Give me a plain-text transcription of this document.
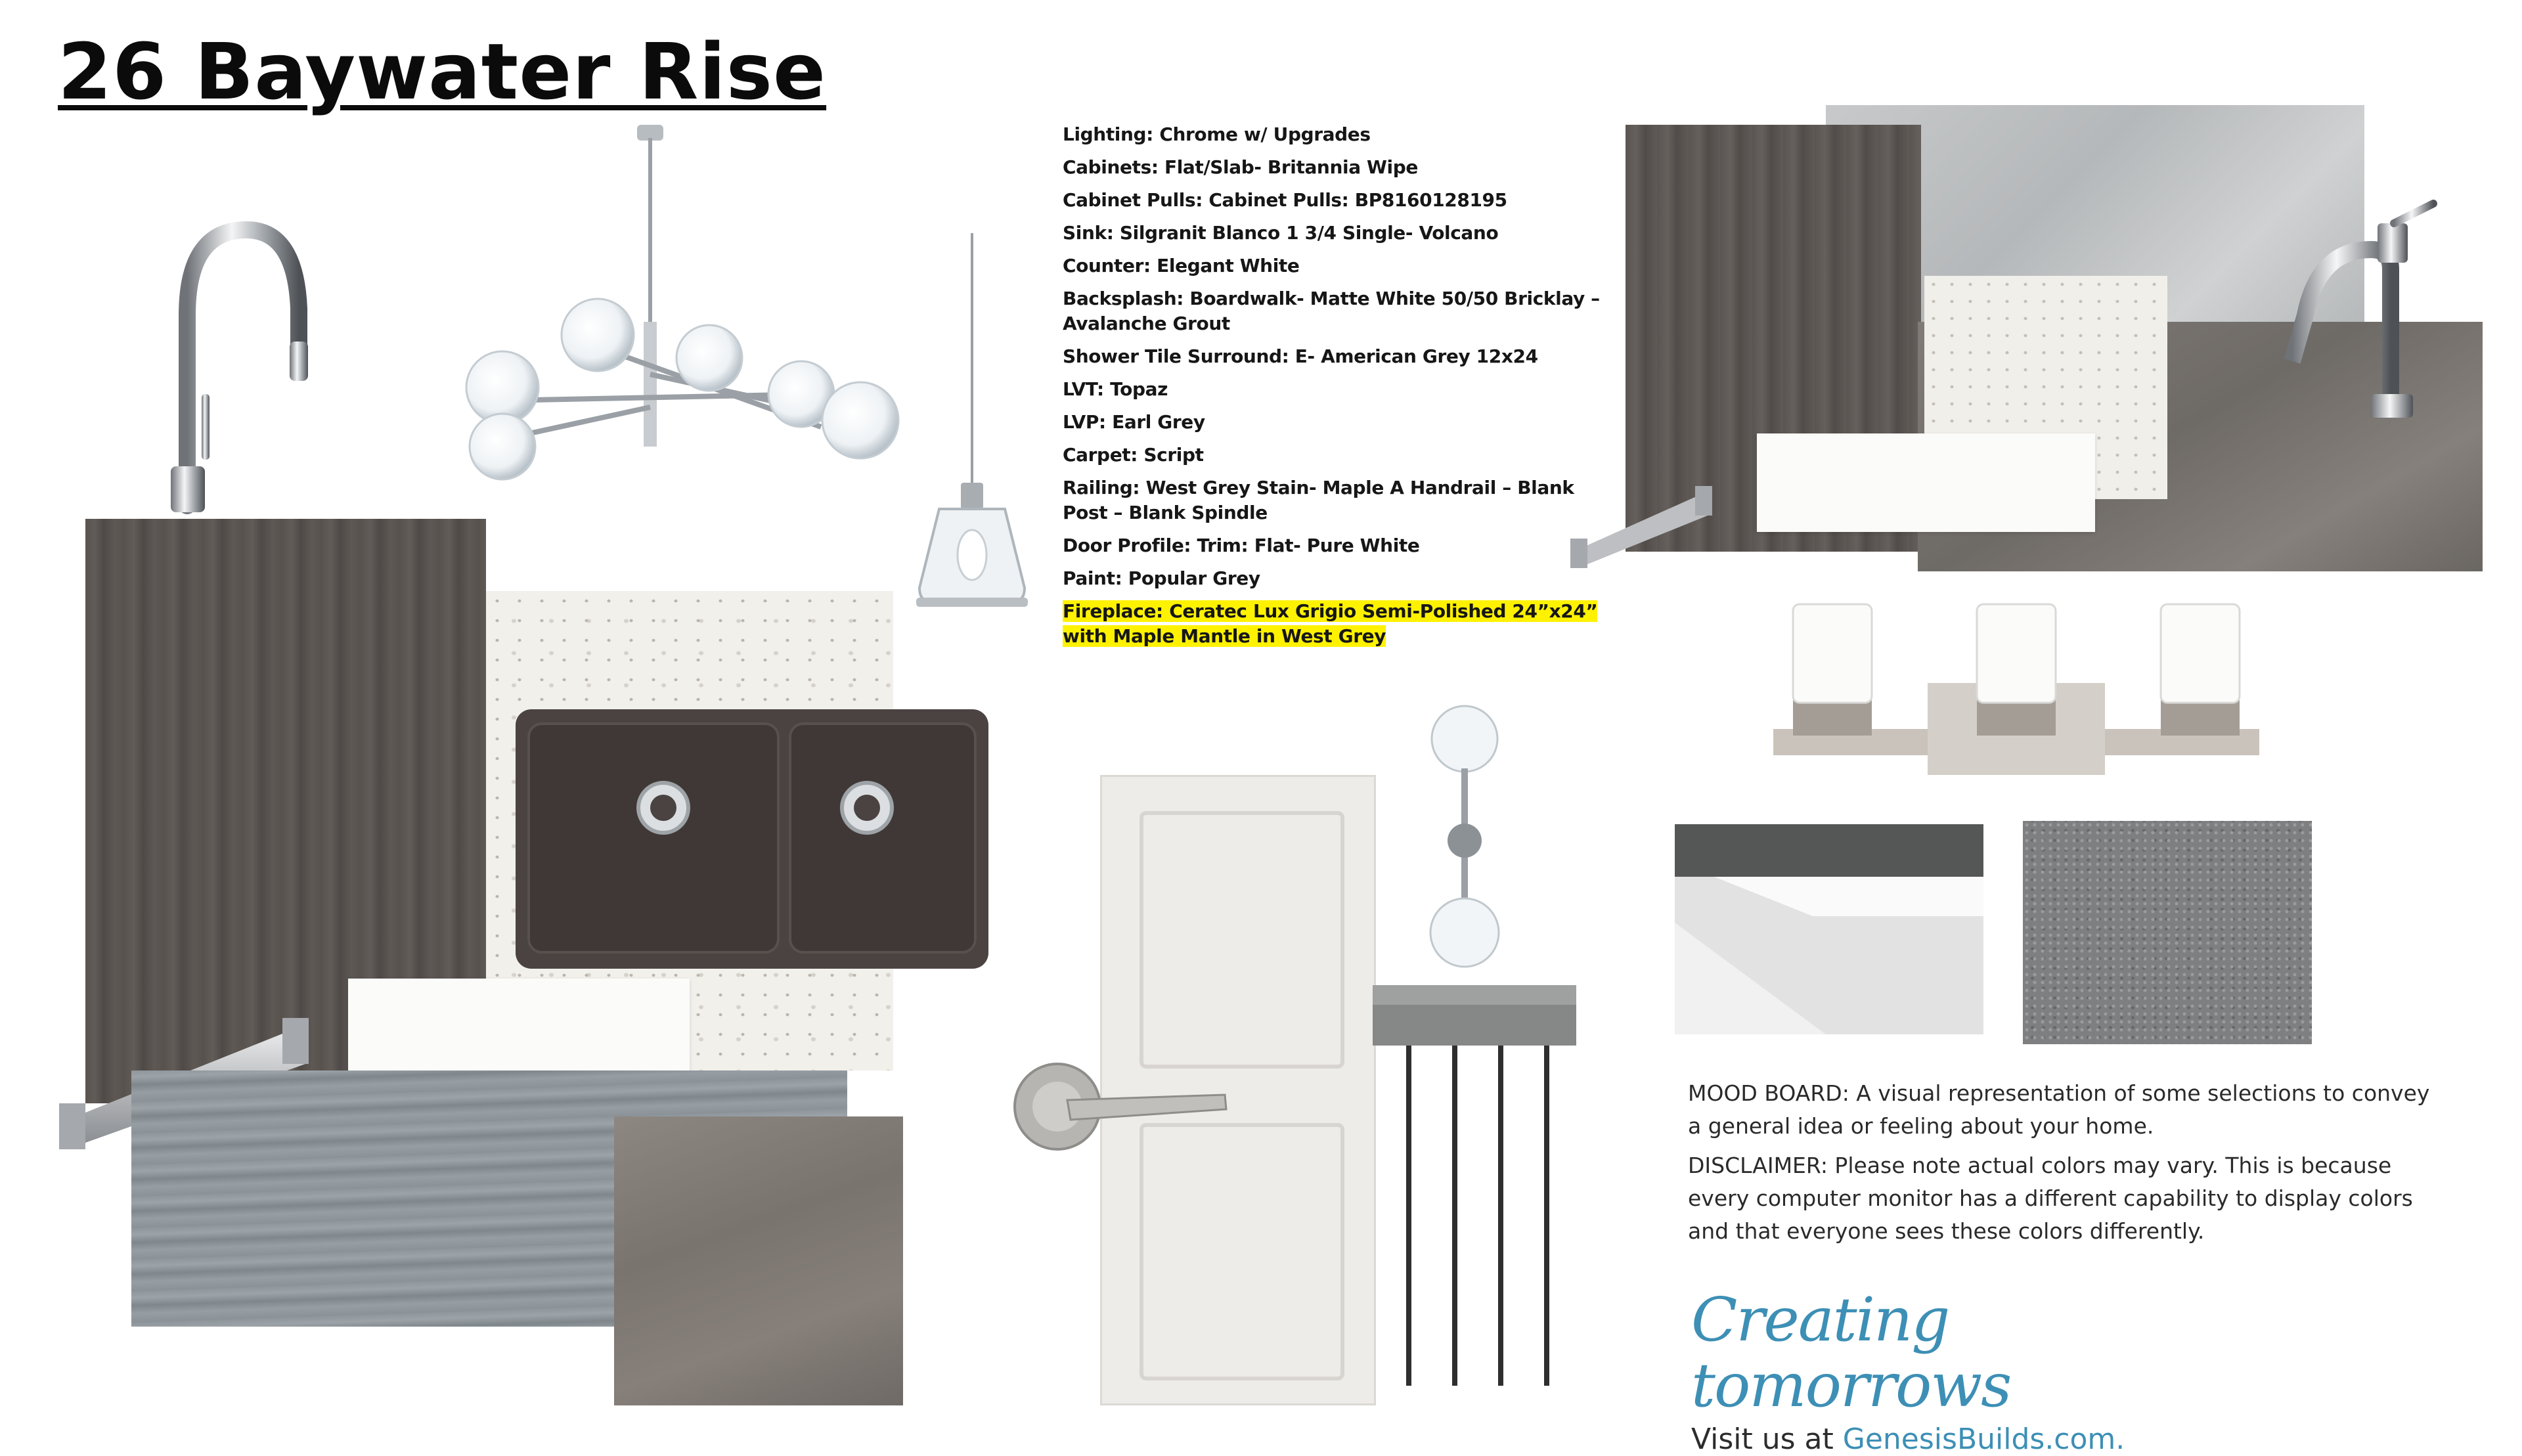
26 Baywater Rise
Lighting: Chrome w/ Upgrades
Cabinets: Flat/Slab- Britannia Wipe
Cabinet Pulls: Cabinet Pulls: BP8160128195
Sink: Silgranit Blanco 1 3/4 Single- Volcano
Counter: Elegant White
Backsplash: Boardwalk- Matte White 50/50 Bricklay – Avalanche Grout
Shower Tile Surround: E- American Grey 12x24
LVT: Topaz
LVP: Earl Grey
Carpet: Script
Railing: West Grey Stain- Maple A Handrail – Blank Post – Blank Spindle
Door Profile: Trim: Flat- Pure White
Paint: Popular Grey
Fireplace: Ceratec Lux Grigio Semi-Polished 24”x24” with Maple Mantle in West Grey

MOOD BOARD: A visual representation of some selections to convey a general idea or feeling about your home.

DISCLAIMER: Please note actual colors may vary. This is because every computer monitor has a different capability to display colors and that everyone sees these colors differently.

Creating tomorrows
Visit us at GenesisBuilds.com.
